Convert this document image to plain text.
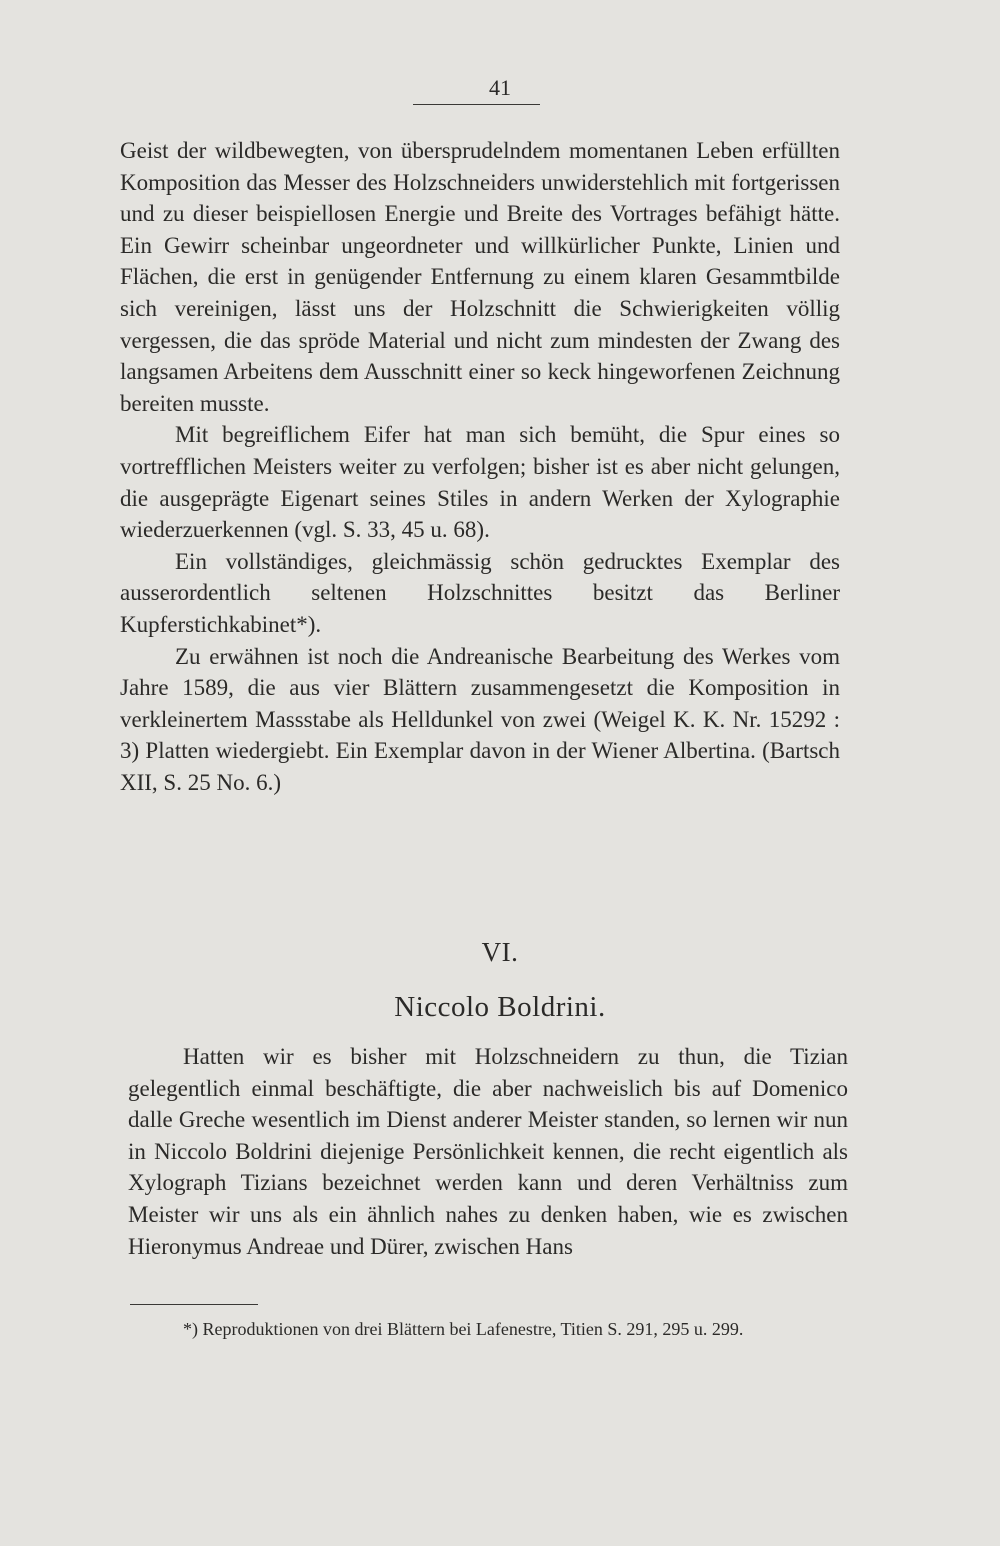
41

Geist der wildbewegten, von übersprudelndem momentanen Leben erfüllten Komposition das Messer des Holzschneiders unwiderstehlich mit fortgerissen und zu dieser beispiellosen Energie und Breite des Vortrages befähigt hätte. Ein Gewirr scheinbar ungeordneter und willkürlicher Punkte, Linien und Flächen, die erst in genügender Entfernung zu einem klaren Gesammtbilde sich vereinigen, lässt uns der Holzschnitt die Schwierigkeiten völlig vergessen, die das spröde Material und nicht zum mindesten der Zwang des langsamen Arbeitens dem Ausschnitt einer so keck hingeworfenen Zeichnung bereiten musste.

Mit begreiflichem Eifer hat man sich bemüht, die Spur eines so vortrefflichen Meisters weiter zu verfolgen; bisher ist es aber nicht gelungen, die ausgeprägte Eigenart seines Stiles in andern Werken der Xylographie wiederzuerkennen (vgl. S. 33, 45 u. 68).

Ein vollständiges, gleichmässig schön gedrucktes Exemplar des ausserordentlich seltenen Holzschnittes besitzt das Berliner Kupferstichkabinet*).

Zu erwähnen ist noch die Andreanische Bearbeitung des Werkes vom Jahre 1589, die aus vier Blättern zusammengesetzt die Komposition in verkleinertem Massstabe als Helldunkel von zwei (Weigel K. K. Nr. 15292 : 3) Platten wiedergiebt. Ein Exemplar davon in der Wiener Albertina. (Bartsch XII, S. 25 No. 6.)

VI.
Niccolo Boldrini.

Hatten wir es bisher mit Holzschneidern zu thun, die Tizian gelegentlich einmal beschäftigte, die aber nachweislich bis auf Domenico dalle Greche wesentlich im Dienst anderer Meister standen, so lernen wir nun in Niccolo Boldrini diejenige Persönlichkeit kennen, die recht eigentlich als Xylograph Tizians bezeichnet werden kann und deren Verhältniss zum Meister wir uns als ein ähnlich nahes zu denken haben, wie es zwischen Hieronymus Andreae und Dürer, zwischen Hans

*) Reproduktionen von drei Blättern bei Lafenestre, Titien S. 291, 295 u. 299.
